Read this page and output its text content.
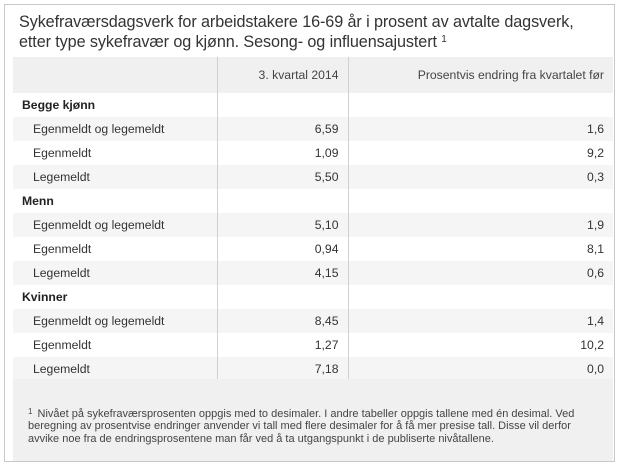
Sykefraværsdagsverk for arbeidstakere 16-69 år i prosent av avtalte dagsverk, etter type sykefravær og kjønn. Sesong- og influensajustert $^1$
	3. kvartal 2014	Prosentvis endring fra kvartalet før
Begge kjønn		
Egenmeldt og legemeldt	6,59	1,6
Egenmeldt	1,09	9,2
Legemeldt	5,50	0,3
Menn		
Egenmeldt og legemeldt	5,10	1,9
Egenmeldt	0,94	8,1
Legemeldt	4,15	0,6
Kvinner		
Egenmeldt og legemeldt	8,45	1,4
Egenmeldt	1,27	10,2
Legemeldt	7,18	0,0
$^1$ Nivået på sykefraværsprosenten oppgis med to desimaler. I andre tabeller oppgis tallene med én desimal. Ved beregning av prosentvise endringer anvender vi tall med flere desimaler for å få mer presise tall. Disse vil derfor avvike noe fra de endringsprosentene man får ved å ta utgangspunkt i de publiserte nivåtallene.
